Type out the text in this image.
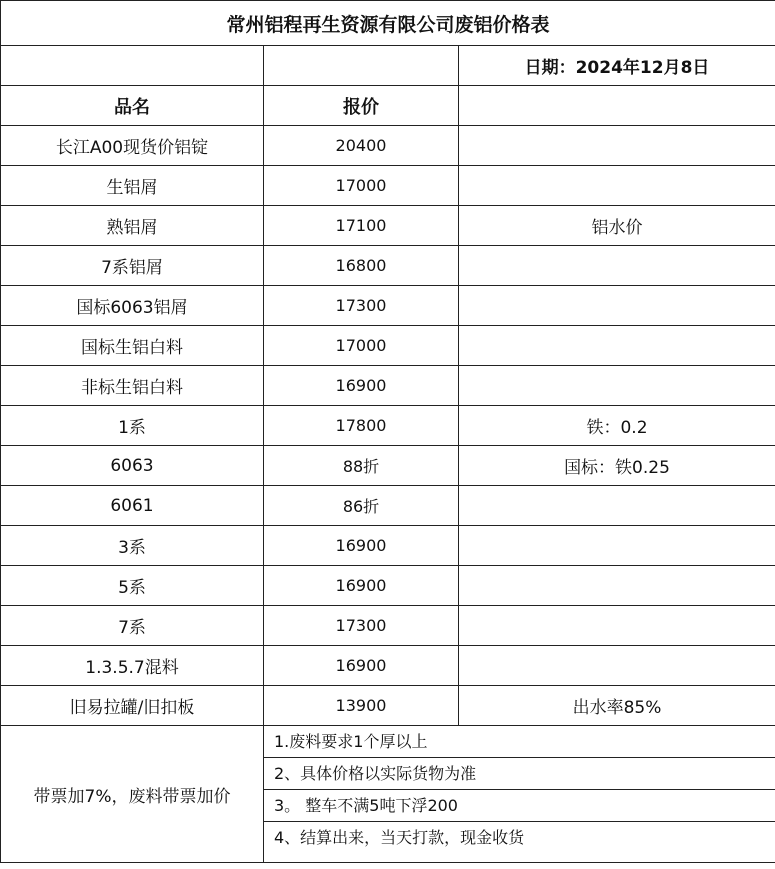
常州铝程再生资源有限公司废铝价格表		
		日期：2024年12月8日
品名	报价	
长江A00现货价铝锭	20400	
生铝屑	17000	
熟铝屑	17100	铝水价
7系铝屑	16800	
国标6063铝屑	17300	
国标生铝白料	17000	
非标生铝白料	16900	
1系	17800	铁：0.2
6063	88折	国标：铁0.25
6061	86折	
3系	16900	
5系	16900	
7系	17300	
1.3.5.7混料	16900	
旧易拉罐/旧扣板	13900	出水率85%
带票加7%，废料带票加价	1.废料要求1个厚以上
2、具体价格以实际货物为准
3。 整车不满5吨下浮200
4、结算出来，当天打款，现金收货	
